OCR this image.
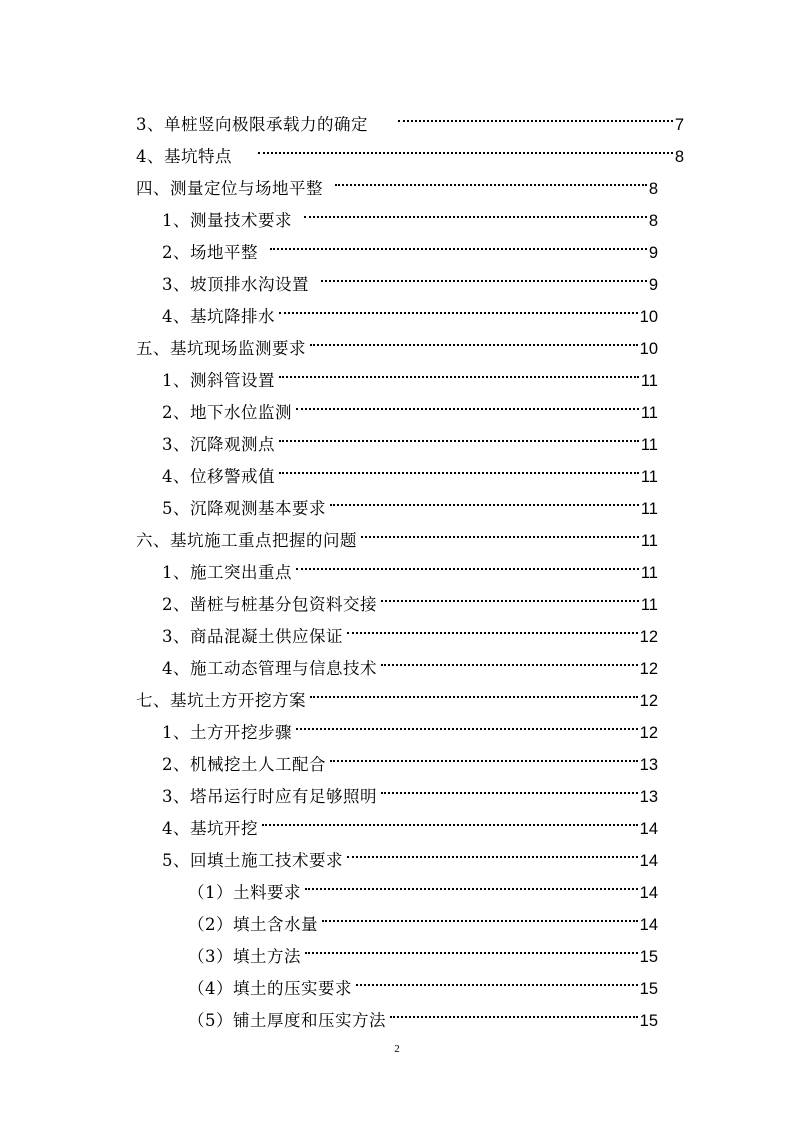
3、单桩竖向极限承载力的确定	7
4、基坑特点	8
四、测量定位与场地平整	8
1、测量技术要求	8
2、场地平整	9
3、坡顶排水沟设置	9
4、基坑降排水	10
五、基坑现场监测要求	10
1、测斜管设置	11
2、地下水位监测	11
3、沉降观测点	11
4、位移警戒值	11
5、沉降观测基本要求	11
六、基坑施工重点把握的问题	11
1、施工突出重点	11
2、凿桩与桩基分包资料交接	11
3、商品混凝土供应保证	12
4、施工动态管理与信息技术	12
七、基坑土方开挖方案	12
1、土方开挖步骤	12
2、机械挖土人工配合	13
3、塔吊运行时应有足够照明	13
4、基坑开挖	14
5、回填土施工技术要求	14
（1）土料要求	14
（2）填土含水量	14
（3）填土方法	15
（4）填土的压实要求	15
（5）铺土厚度和压实方法	15
2
